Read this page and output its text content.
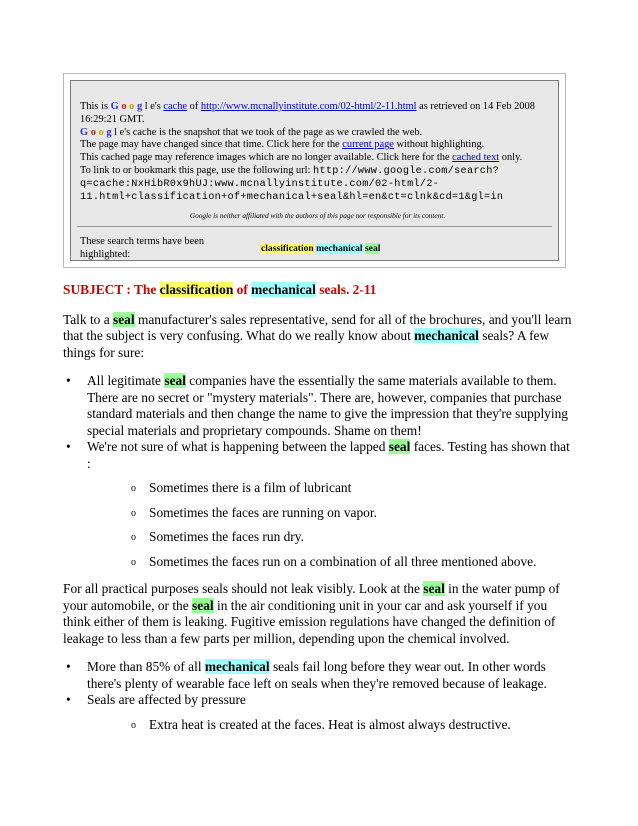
This is G o o g l e's cache of http://www.mcnallyinstitute.com/02-html/2-11.html as retrieved on 14 Feb 2008
16:29:21 GMT.
G o o g l e's cache is the snapshot that we took of the page as we crawled the web.
The page may have changed since that time. Click here for the current page without highlighting.
This cached page may reference images which are no longer available. Click here for the cached text only.
To link to or bookmark this page, use the following url: http://www.google.com/search?
q=cache:NxHibR0x9hUJ:www.mcnallyinstitute.com/02-html/2-
11.html+classification+of+mechanical+seal&hl=en&ct=clnk&cd=1&gl=in
Google is neither affiliated with the authors of this page nor responsible for its content.
These search terms have been highlighted:
classification mechanical seal
SUBJECT : The classification of mechanical seals. 2-11

Talk to a seal manufacturer's sales representative, send for all of the brochures, and you'll learn that the subject is very confusing. What do we really know about mechanical seals? A few things for sure:

• All legitimate seal companies have the essentially the same materials available to them. There are no secret or "mystery materials". There are, however, companies that purchase standard materials and then change the name to give the impression that they're supplying special materials and proprietary compounds. Shame on them!
• We're not sure of what is happening between the lapped seal faces. Testing has shown that :
o Sometimes there is a film of lubricant
o Sometimes the faces are running on vapor.
o Sometimes the faces run dry.
o Sometimes the faces run on a combination of all three mentioned above.

For all practical purposes seals should not leak visibly. Look at the seal in the water pump of your automobile, or the seal in the air conditioning unit in your car and ask yourself if you think either of them is leaking. Fugitive emission regulations have changed the definition of leakage to less than a few parts per million, depending upon the chemical involved.

• More than 85% of all mechanical seals fail long before they wear out. In other words there's plenty of wearable face left on seals when they're removed because of leakage.
• Seals are affected by pressure
o Extra heat is created at the faces. Heat is almost always destructive.
